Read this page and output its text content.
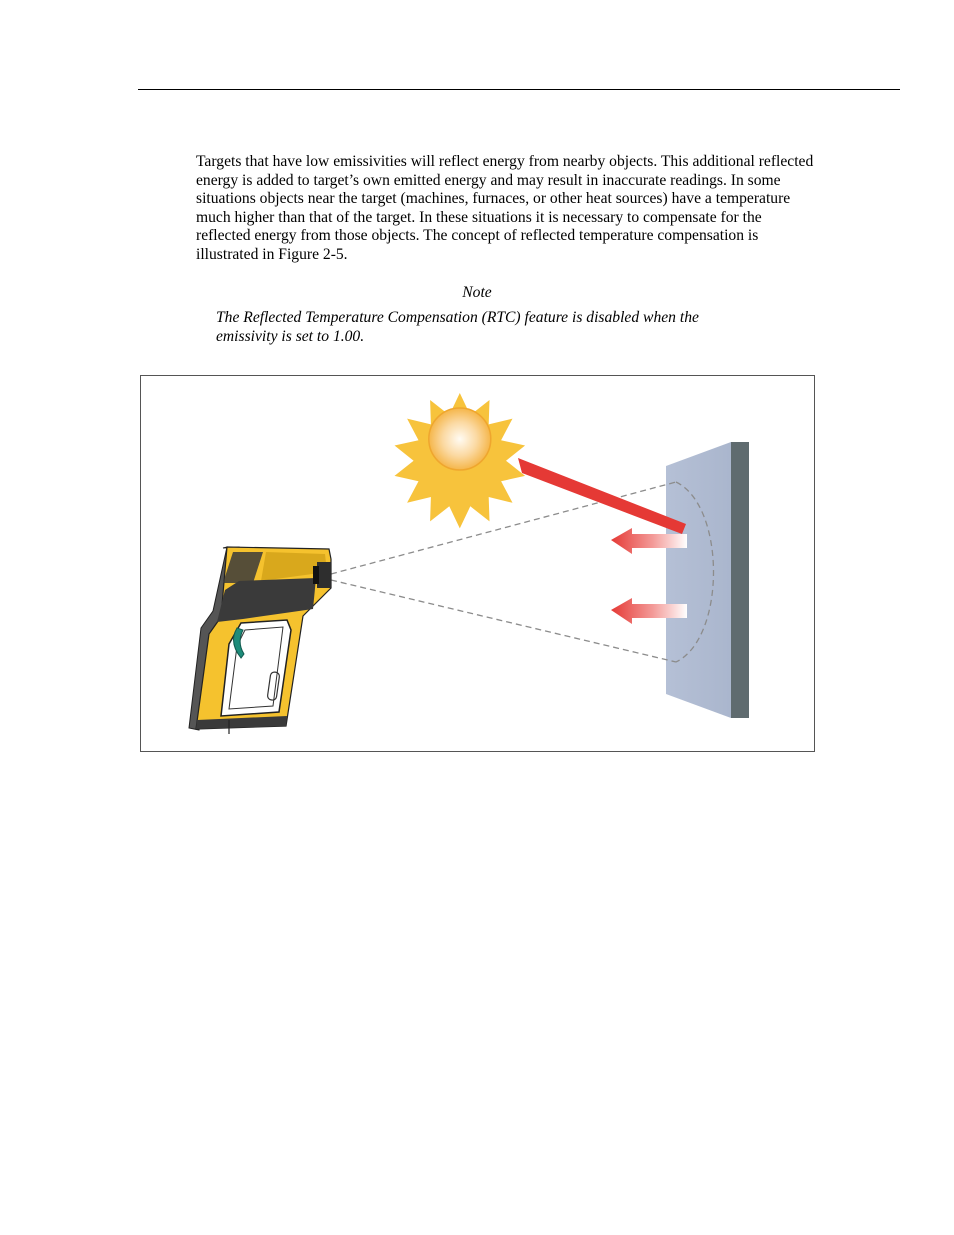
Targets that have low emissivities will reflect energy from nearby objects. This additional reflected energy is added to target’s own emitted energy and may result in inaccurate readings. In some situations objects near the target (machines, furnaces, or other heat sources) have a temperature much higher than that of the target. In these situations it is necessary to compensate for the reflected energy from those objects. The concept of reflected temperature compensation is illustrated in Figure 2-5.

Note

The Reflected Temperature Compensation (RTC) feature is disabled when the emissivity is set to 1.00.
